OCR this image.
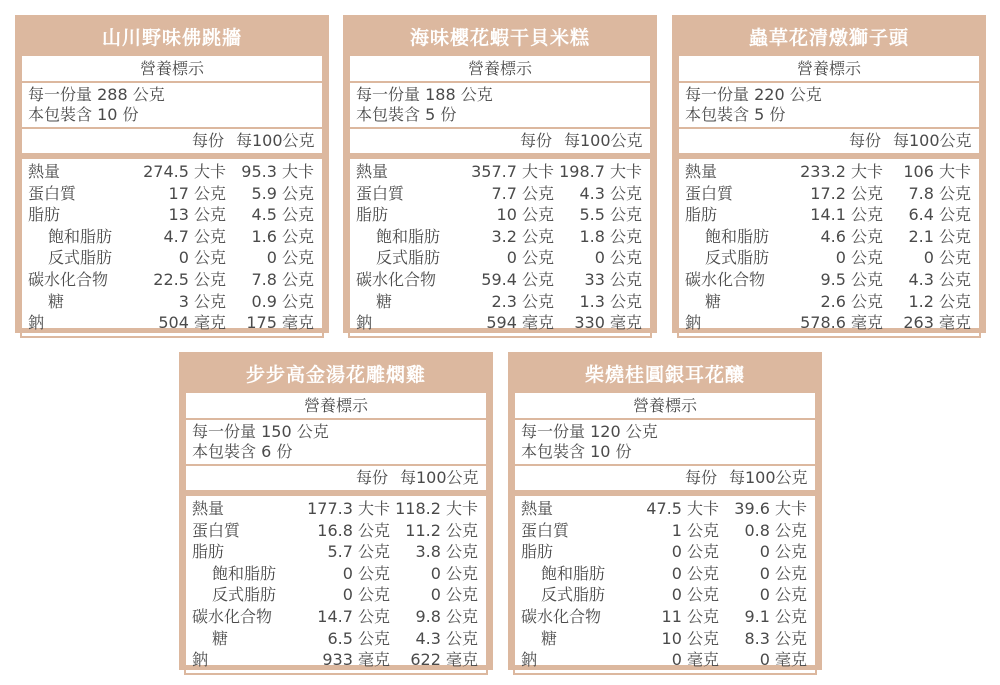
山川野味佛跳牆
營養標示
每一份量 288 公克
本包裝含 10 份
每份 每100公克
熱量	274.5 大卡 95.3 大卡
蛋白質	17 公克 5.9 公克
脂肪	13 公克 4.5 公克
飽和脂肪	4.7 公克 1.6 公克
反式脂肪	0 公克	0 公克
碳水化合物	22.5 公克 7.8 公克
糖	3 公克 0.9 公克
鈉	504 毫克 175 毫克
海味櫻花蝦干貝米糕
營養標示
每一份量 188 公克
本包裝含 5 份
每份 每100公克
熱量	357.7 大卡 198.7 大卡
蛋白質	7.7 公克 4.3 公克
脂肪	10 公克 5.5 公克
飽和脂肪	3.2 公克 1.8 公克
反式脂肪	0 公克	0 公克
碳水化合物	59.4 公克 33 公克
糖	2.3 公克 1.3 公克
鈉	594 毫克 330 毫克
蟲草花清燉獅子頭
營養標示
每一份量 220 公克
本包裝含 5 份
每份 每100公克
熱量	233.2 大卡 106 大卡
蛋白質	17.2 公克 7.8 公克
脂肪	14.1 公克 6.4 公克
飽和脂肪	4.6 公克 2.1 公克
反式脂肪	0 公克	0 公克
碳水化合物	9.5 公克 4.3 公克
糖	2.6 公克 1.2 公克
鈉	578.6 毫克 263 毫克
步步高金湯花雕燜雞
營養標示
每一份量 150 公克
本包裝含 6 份
每份 每100公克
熱量	177.3 大卡 118.2 大卡
蛋白質	16.8 公克 11.2 公克
脂肪	5.7 公克 3.8 公克
飽和脂肪	0 公克	0 公克
反式脂肪	0 公克	0 公克
碳水化合物	14.7 公克 9.8 公克
糖	6.5 公克 4.3 公克
鈉	933 毫克 622 毫克
柴燒桂圓銀耳花釀
營養標示
每一份量 120 公克
本包裝含 10 份
每份 每100公克
熱量	47.5 大卡 39.6 大卡
蛋白質	1 公克 0.8 公克
脂肪	0 公克	0 公克
飽和脂肪	0 公克	0 公克
反式脂肪	0 公克	0 公克
碳水化合物	11 公克 9.1 公克
糖	10 公克 8.3 公克
鈉	0 毫克	0 毫克
